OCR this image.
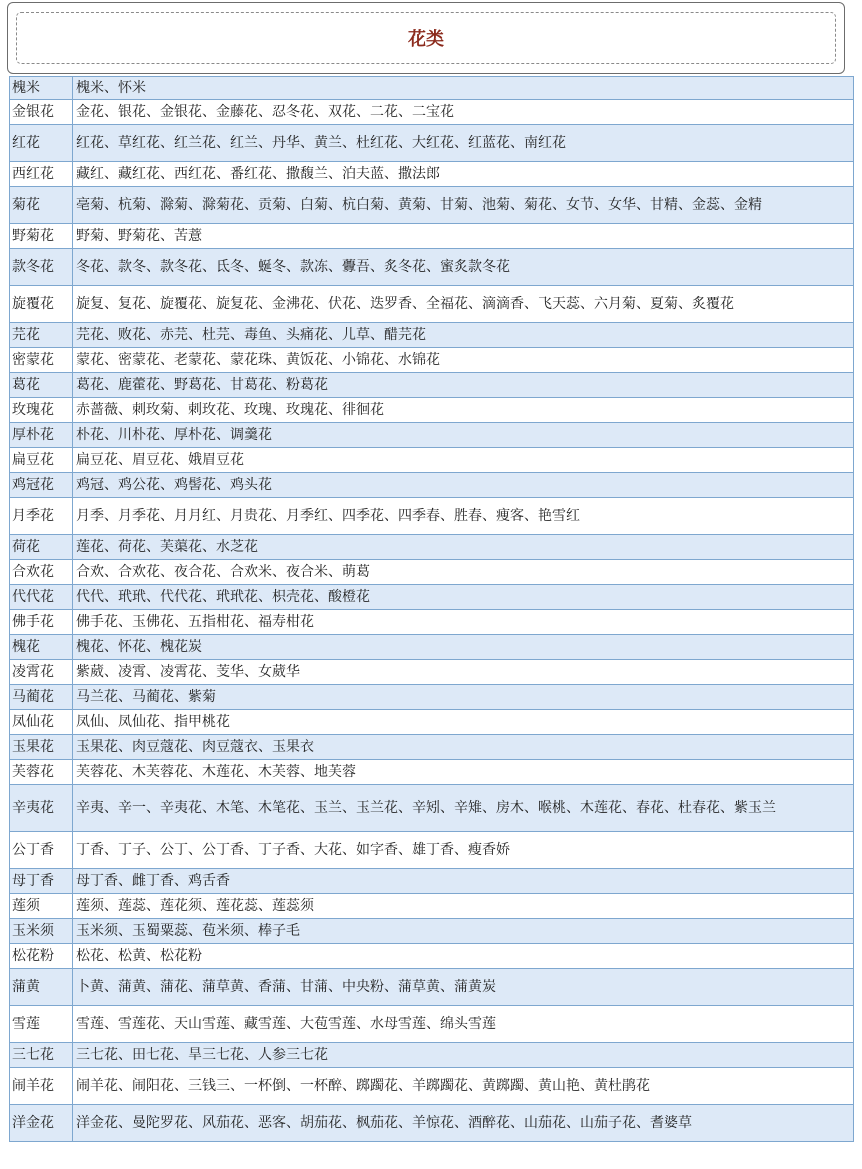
花类
槐米	槐米、怀米
金银花	金花、银花、金银花、金藤花、忍冬花、双花、二花、二宝花
红花	红花、草红花、红兰花、红兰、丹华、黄兰、杜红花、大红花、红蓝花、南红花
西红花	藏红、藏红花、西红花、番红花、撒馥兰、泊夫蓝、撒法郎
菊花	亳菊、杭菊、滁菊、滁菊花、贡菊、白菊、杭白菊、黄菊、甘菊、池菊、菊花、女节、女华、甘精、金蕊、金精
野菊花	野菊、野菊花、苦薏
款冬花	冬花、款冬、款冬花、氐冬、蜒冬、款冻、虋吾、炙冬花、蜜炙款冬花
旋覆花	旋复、复花、旋覆花、旋复花、金沸花、伏花、迭罗香、全福花、滴滴香、飞天蕊、六月菊、夏菊、炙覆花
芫花	芫花、败花、赤芫、杜芫、毒鱼、头痛花、儿草、醋芫花
密蒙花	蒙花、密蒙花、老蒙花、蒙花珠、黄饭花、小锦花、水锦花
葛花	葛花、鹿藿花、野葛花、甘葛花、粉葛花
玫瑰花	赤蔷薇、刺玫菊、刺玫花、玫瑰、玫瑰花、徘徊花
厚朴花	朴花、川朴花、厚朴花、调羹花
扁豆花	扁豆花、眉豆花、娥眉豆花
鸡冠花	鸡冠、鸡公花、鸡髻花、鸡头花
月季花	月季、月季花、月月红、月贵花、月季红、四季花、四季春、胜春、痩客、艳雪红
荷花	莲花、荷花、芙蕖花、水芝花
合欢花	合欢、合欢花、夜合花、合欢米、夜合米、萌葛
代代花	代代、玳玳、代代花、玳玳花、枳壳花、酸橙花
佛手花	佛手花、玉佛花、五指柑花、福寿柑花
槐花	槐花、怀花、槐花炭
凌霄花	紫葳、凌霄、凌霄花、芰华、女葳华
马蔺花	马兰花、马蔺花、紫菊
凤仙花	凤仙、凤仙花、指甲桃花
玉果花	玉果花、肉豆蔻花、肉豆蔻衣、玉果衣
芙蓉花	芙蓉花、木芙蓉花、木莲花、木芙蓉、地芙蓉
辛夷花	辛夷、辛一、辛夷花、木笔、木笔花、玉兰、玉兰花、辛矧、辛雉、房木、喉桃、木莲花、春花、杜春花、紫玉兰
公丁香	丁香、丁子、公丁、公丁香、丁子香、大花、如字香、雄丁香、瘦香娇
母丁香	母丁香、雌丁香、鸡舌香
莲须	莲须、莲蕊、莲花须、莲花蕊、莲蕊须
玉米须	玉米须、玉蜀粟蕊、苞米须、棒子毛
松花粉	松花、松黄、松花粉
蒲黄	卜黄、蒲黄、蒲花、蒲草黄、香蒲、甘蒲、中央粉、蒲草黄、蒲黄炭
雪莲	雪莲、雪莲花、天山雪莲、藏雪莲、大苞雪莲、水母雪莲、绵头雪莲
三七花	三七花、田七花、旱三七花、人参三七花
闹羊花	闹羊花、闹阳花、三钱三、一杯倒、一杯醉、踯躅花、羊踯躅花、黄踯躅、黄山艳、黄杜鹃花
洋金花	洋金花、曼陀罗花、风茄花、恶客、胡茄花、枫茄花、羊惊花、酒醉花、山茄花、山茄子花、耆婆草
